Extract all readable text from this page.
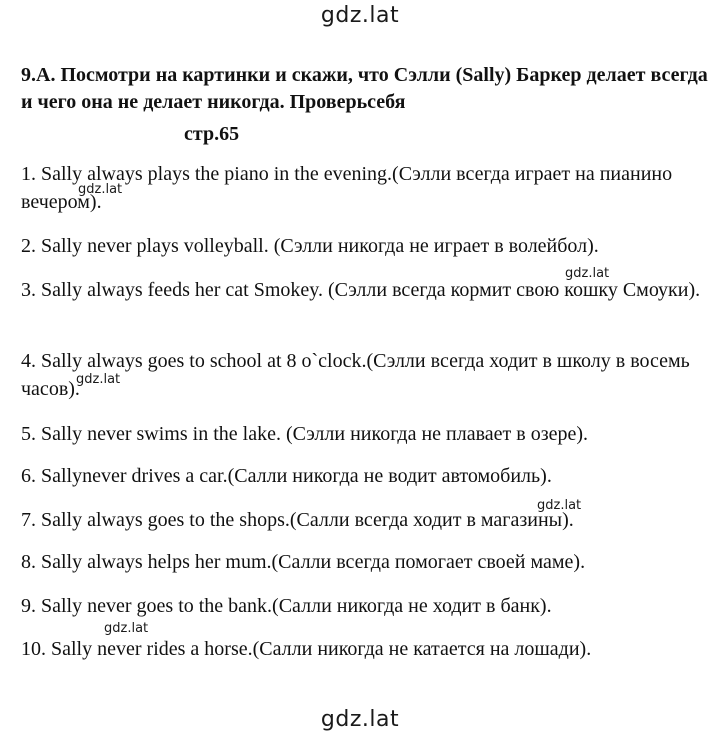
gdz.lat
9.А. Посмотри на картинки и скажи, что Сэлли (Sally) Баркер делает всегда и чего она не делает никогда. Проверьсебя
стр.65
1. Sally always plays the piano in the evening.(Сэлли всегда играет на пианино вечером).
2. Sally never plays volleyball. (Сэлли никогда не играет в волейбол).
3. Sally always feeds her cat Smokey. (Сэлли всегда кормит свою кошку Смоуки).
4. Sally always goes to school at 8 o`clock.(Сэлли всегда ходит в школу в восемь часов).
5. Sally never swims in the lake. (Сэлли никогда не плавает в озере).
6. Sallynever drives a car.(Салли никогда не водит автомобиль).
7. Sally always goes to the shops.(Салли всегда ходит в магазины).
8. Sally always helps her mum.(Салли всегда помогает своей маме).
9. Sally never goes to the bank.(Салли никогда не ходит в банк).
10. Sally never rides a horse.(Салли никогда не катается на лошади).
gdz.lat
gdz.lat
gdz.lat
gdz.lat
gdz.lat
gdz.lat
